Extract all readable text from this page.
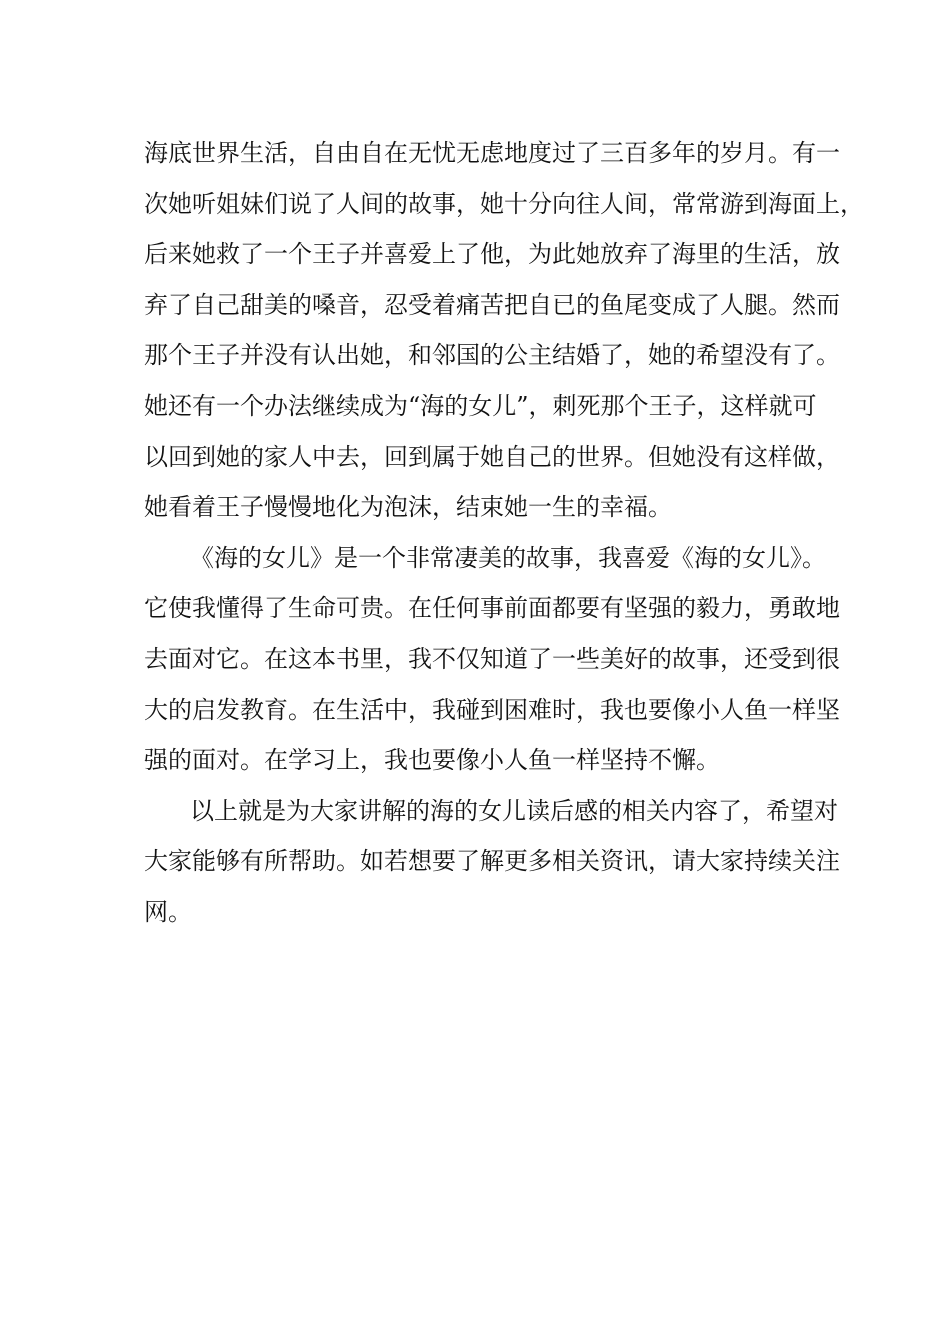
海底世界生活，自由自在无忧无虑地度过了三百多年的岁月。有一
次她听姐妹们说了人间的故事，她十分向往人间，常常游到海面上，
后来她救了一个王子并喜爱上了他，为此她放弃了海里的生活，放
弃了自己甜美的嗓音，忍受着痛苦把自已的鱼尾变成了人腿。然而
那个王子并没有认出她，和邻国的公主结婚了，她的希望没有了。
她还有一个办法继续成为“海的女儿”，刺死那个王子，这样就可
以回到她的家人中去，回到属于她自己的世界。但她没有这样做，
她看着王子慢慢地化为泡沫，结束她一生的幸福。
《海的女儿》是一个非常凄美的故事，我喜爱《海的女儿》。
它使我懂得了生命可贵。在任何事前面都要有坚强的毅力，勇敢地
去面对它。在这本书里，我不仅知道了一些美好的故事，还受到很
大的启发教育。在生活中，我碰到困难时，我也要像小人鱼一样坚
强的面对。在学习上，我也要像小人鱼一样坚持不懈。
以上就是为大家讲解的海的女儿读后感的相关内容了，希望对
大家能够有所帮助。如若想要了解更多相关资讯，请大家持续关注
网。
